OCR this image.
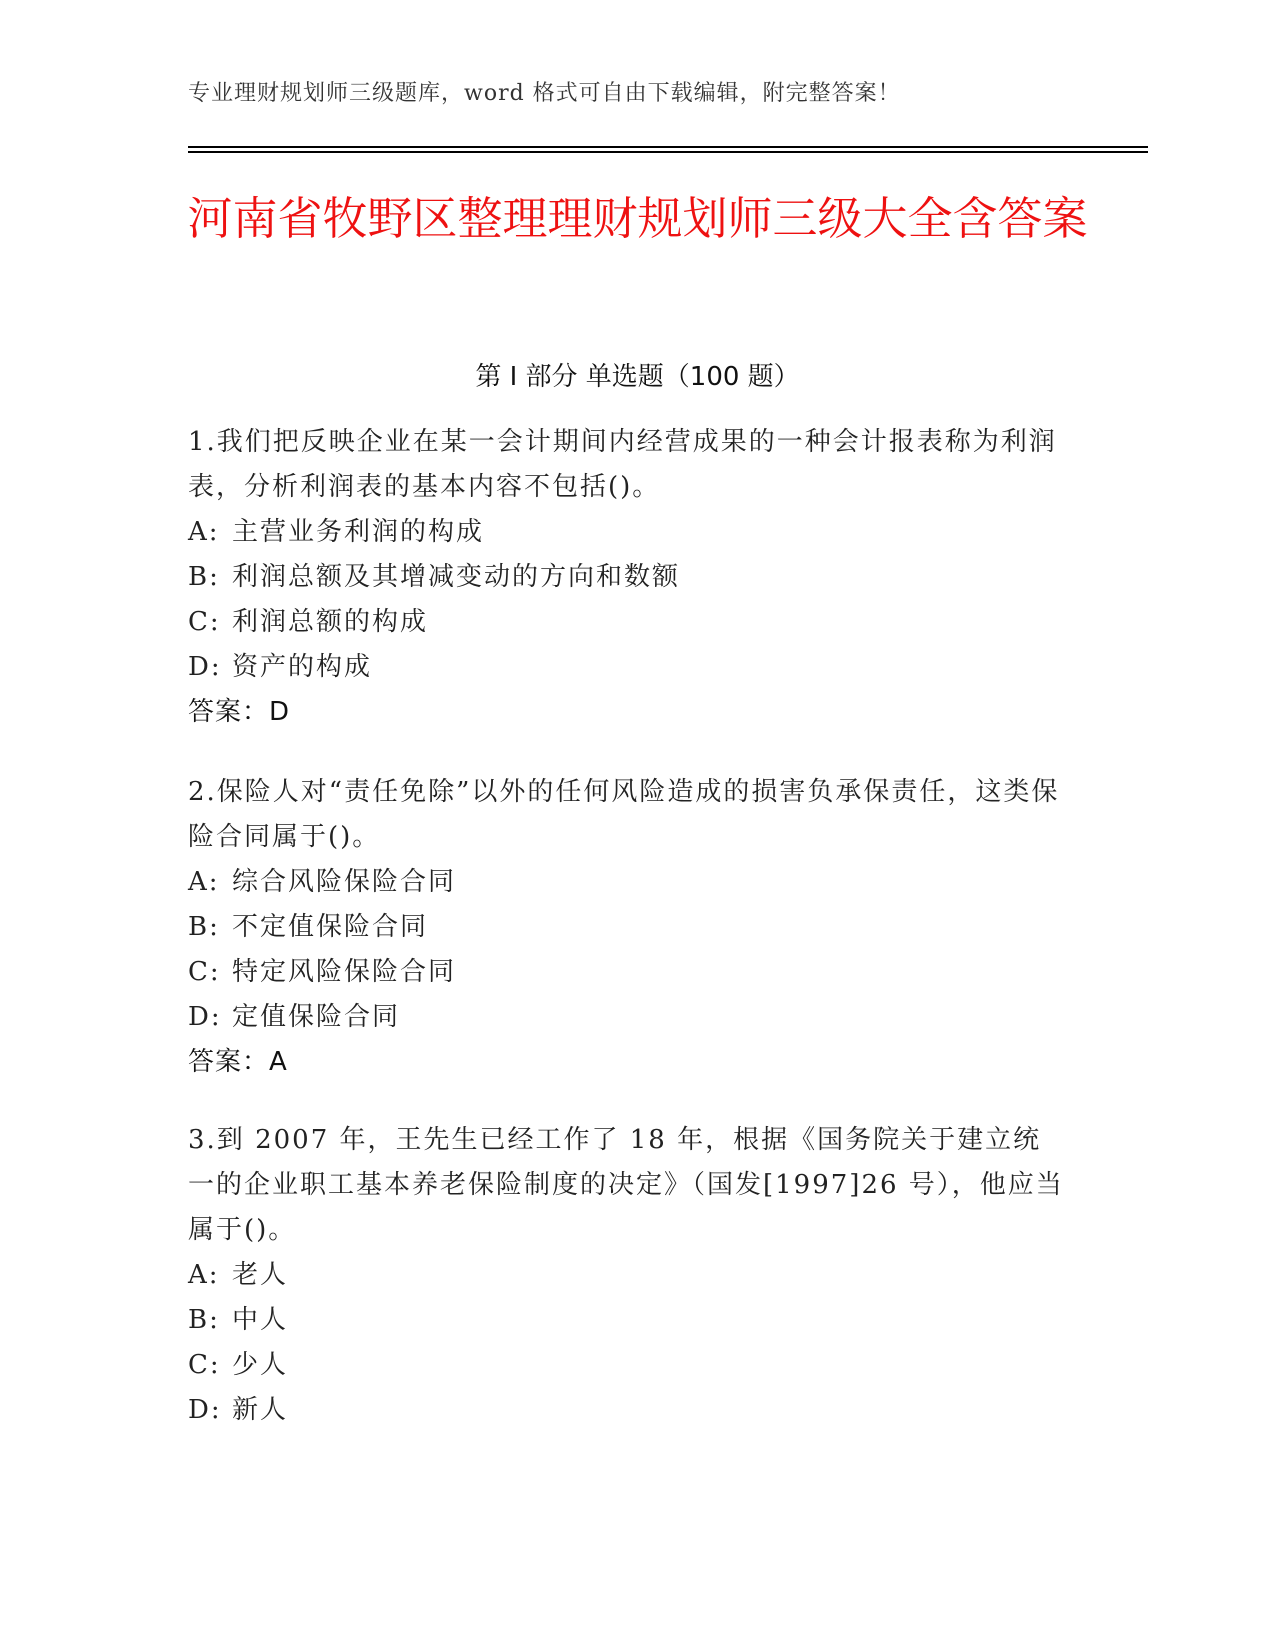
专业理财规划师三级题库，word 格式可自由下载编辑，附完整答案！
河南省牧野区整理理财规划师三级大全含答案
第 I 部分 单选题（100 题）

1.我们把反映企业在某一会计期间内经营成果的一种会计报表称为利润表，分析利润表的基本内容不包括()。

A: 主营业务利润的构成

B: 利润总额及其增减变动的方向和数额

C: 利润总额的构成

D: 资产的构成

答案：D

2.保险人对“责任免除”以外的任何风险造成的损害负承保责任，这类保险合同属于()。

A: 综合风险保险合同

B: 不定值保险合同

C: 特定风险保险合同

D: 定值保险合同

答案：A

3.到 2007 年，王先生已经工作了 18 年，根据《国务院关于建立统一的企业职工基本养老保险制度的决定》（国发[1997]26 号），他应当属于()。

A: 老人

B: 中人

C: 少人

D: 新人
